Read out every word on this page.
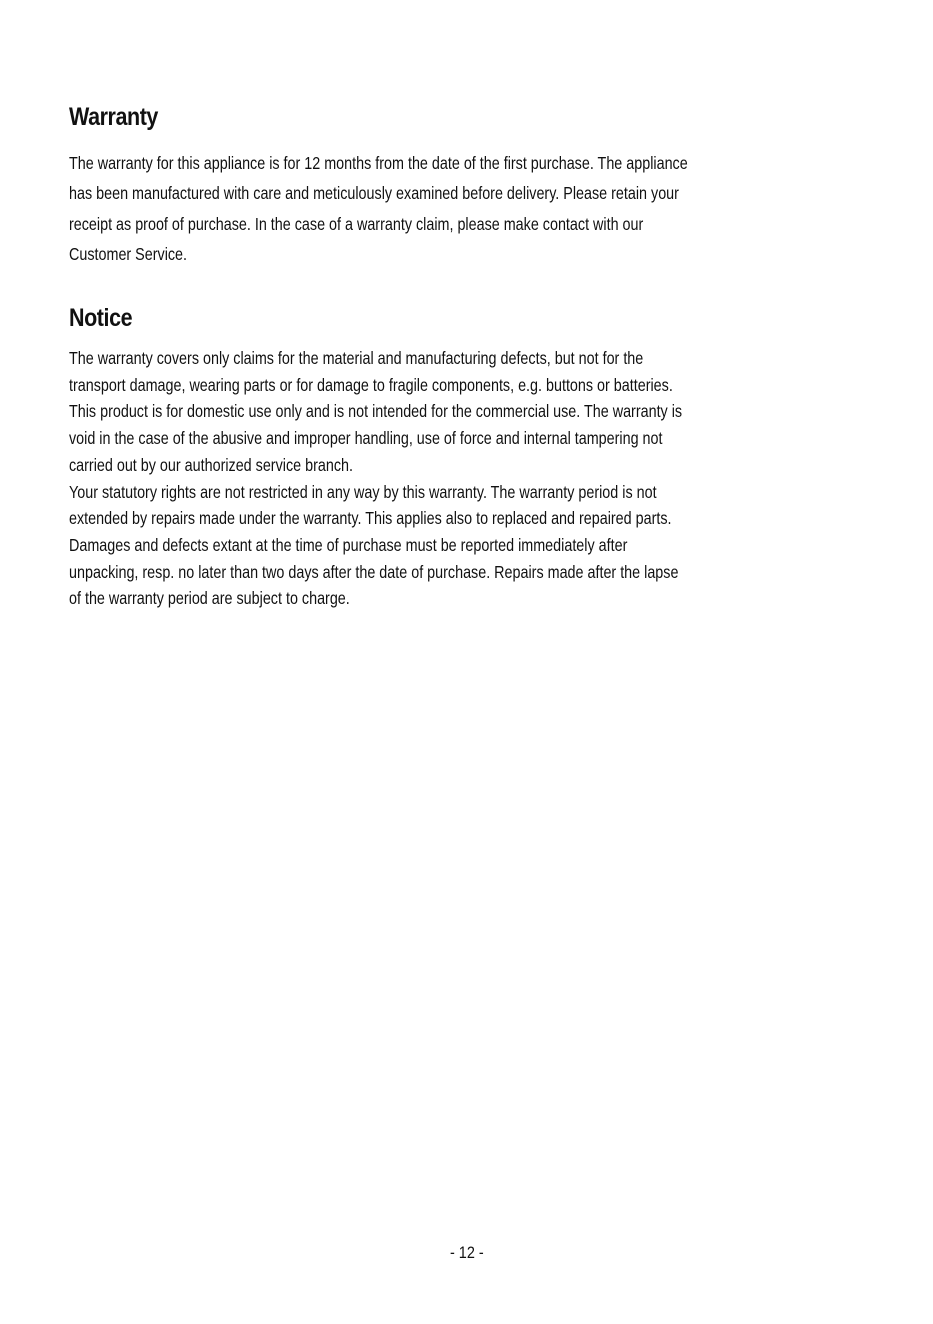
Warranty
The warranty for this appliance is for 12 months from the date of the first purchase. The appliance
has been manufactured with care and meticulously examined before delivery. Please retain your
receipt as proof of purchase. In the case of a warranty claim, please make contact with our
Customer Service.
Notice
The warranty covers only claims for the material and manufacturing defects, but not for the
transport damage, wearing parts or for damage to fragile components, e.g. buttons or batteries.
This product is for domestic use only and is not intended for the commercial use. The warranty is
void in the case of the abusive and improper handling, use of force and internal tampering not
carried out by our authorized service branch.
Your statutory rights are not restricted in any way by this warranty. The warranty period is not
extended by repairs made under the warranty. This applies also to replaced and repaired parts.
Damages and defects extant at the time of purchase must be reported immediately after
unpacking, resp. no later than two days after the date of purchase. Repairs made after the lapse
of the warranty period are subject to charge.
- 12 -
